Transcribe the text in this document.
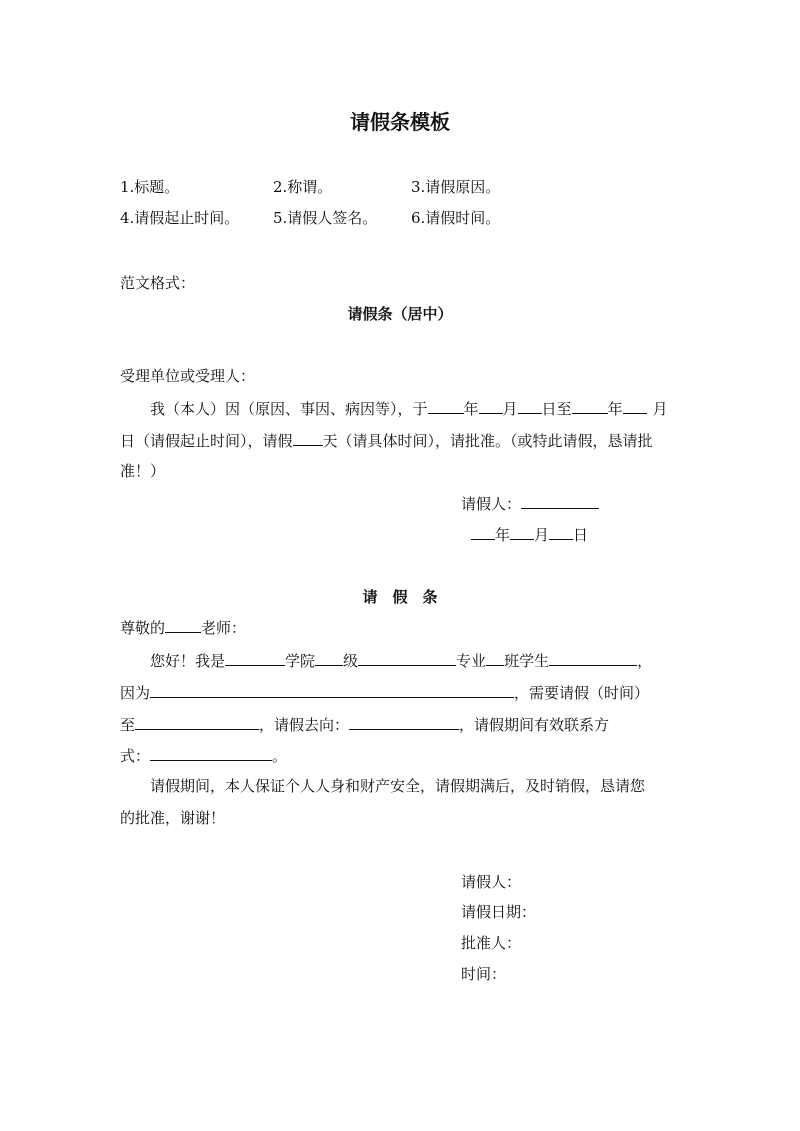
请假条模板
1.标题。	2.称谓。	3.请假原因。
4.请假起止时间。 5.请假人签名。 6.请假时间。
范文格式：
请假条（居中）
受理单位或受理人：
我（本人）因（原因、事因、病因等），于 年 月 日至 年 月
日（请假起止时间），请假 天（请具体时间），请批准。（或特此请假，恳请批
准！）
请假人：
年 月 日
请　假　条
尊敬的 老师：
您好！我是	学院 级	专业 班学生	，
因为	，需要请假（时间）
至	，请假去向：	，请假期间有效联系方
式：	。
请假期间，本人保证个人人身和财产安全，请假期满后，及时销假，恳请您
的批准，谢谢！
请假人：
请假日期：
批准人：
时间：
